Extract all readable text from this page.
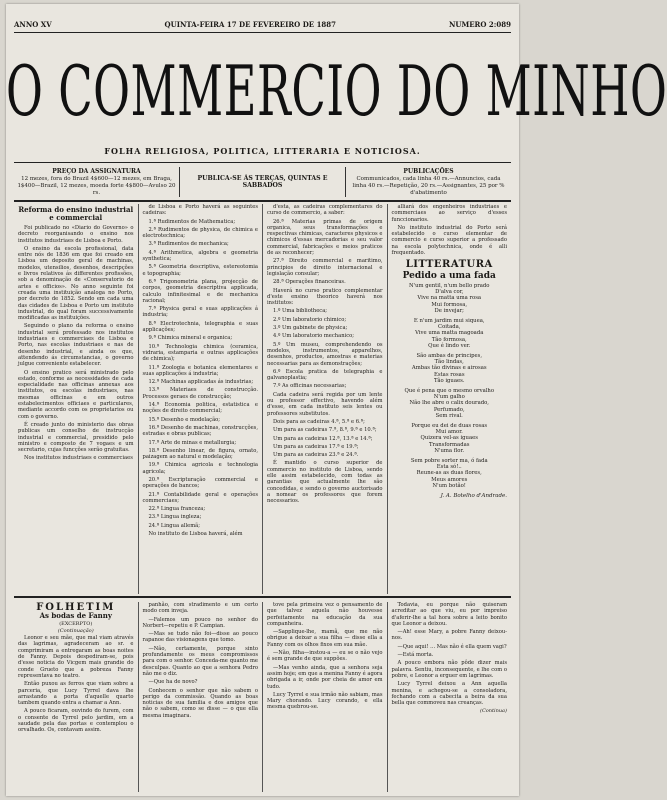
ANNO XV	QUINTA-FEIRA 17 DE FEVEREIRO DE 1887	NUMERO 2:089
O COMMERCIO DO MINHO
FOLHA RELIGIOSA, POLITICA, LITTERARIA E NOTICIOSA.
PREÇO DA ASSIGNATURA
12 mezes, fora do Brazil 4$600—12 mezes, em Braga, 1$400—Brazil, 12 mezes, moeda forte 4$800—Avulso 20 rs.
PUBLICA-SE ÁS TERÇAS, QUINTAS E SABBADOS
PUBLICAÇÕES
Communicados, cada linha 40 rs.—Annuncios, cada linha 40 rs.—Repetição, 20 rs.—Assignantes, 25 por % d'abatimento
Reforma do ensino industrial e commercial

Foi publicado no «Diario do Governo» o decreto reorganisando o ensino nos institutos industriaes de Lisboa e Porto.

O ensino da escola profissional, data entre nós de 1836 em que foi creado em Lisboa um deposito geral de machinas, modelos, utensilios, desenhos, descripções e livros relativos ás differentes profissões, sob a denominação de «Conservatorio de artes e officios». No anno seguinte foi creada uma instituição analoga no Porto, por decreto de 1852. Sendo em cada uma das cidades de Lisboa e Porto um instituto industrial, do qual foram successivamente modificadas as instituições.

Seguindo o plano da reforma o ensino industrial será professado nos institutos industriaes e commerciaes de Lisboa e Porto, nas escolas industriaes e nas de desenho industrial, e ainda os que, attendendo ás circumstancias, o governo julgue conveniente estabelecer.

O ensino pratico será ministrado pelo estado, conforme as necessidades de cada especialidade nas officinas annexas aos institutos, ou escolas industriaes, nas mesmas officinas e em outros estabelecimentos officiaes e particulares, mediante accordo com os proprietarios ou com o governo.

É creado junto do ministerio das obras publicas um conselho de instrucção industrial e commercial, presidido pelo ministro e composto de 7 vogaes e um secretario, cujas funcções serão gratuitas.

Nos institutos industriaes e commerciaes

de Lisboa e Porto haverá as seguintes cadeiras:

1.ª Rudimentos de Mathematica;

2.ª Rudimentos de physica, de chimica e electrotechnica;

3.ª Rudimentos de mechanica;

4.ª Arithmetica, algebra e geometria synthetica;

5.ª Geometria descriptiva, estereotomia e topographia;

6.ª Trigonometria plana, projecção de corpos, geometria descriptiva applicada, calculo infinitesimal e de mechanica racional;

7.ª Physica geral e suas applicações á industria;

8.ª Electrotechnia, telegraphia e suas applicações;

9.ª Chimica mineral e organica;

10.ª Technologia chimica (ceramica, vidraria, estamparia e outras applicações de chimica);

11.ª Zoologia e botanica elementares e suas applicações á industria;

12.ª Machinas applicadas ás industrias;

13.ª Materiaes de construcção. Processos geraes de construcção;

14.ª Economia politica, estatistica e noções de direito commercial;

15.ª Desenho e modelação;

16.ª Desenho de machinas, construcções, estradas e obras publicas;

17.ª Arte de minas e metallurgia;

18.ª Desenho linear, de figura, ornato, paizagem ao natural e modelação;

19.ª Chimica agricola e technologia agricola;

20.ª Escripturação commercial e operações de bancos;

21.ª Contabilidade geral e operações commerciaes;

22.ª Lingua franceza;

23.ª Lingua ingleza;

24.ª Lingua allemã;

No instituto de Lisboa haverá, além

d'esta, as cadeiras complementares do curso de commercio, a saber:

26.ª Materias primas de origem organica, seus transformações e respectivas chimicas, caracteres physicos e chimicos d'essas mercadorias e seu valor commercial, fabricações e meios praticos de as reconhecer;

27.ª Direito commercial e maritimo, principios de direito internacional e legislação consular;

28.ª Operações financeiras.

Haverá no curso pratico complementar d'este ensino theorico haverá nos institutos:

1.º Uma bibliotheca;

2.º Um laboratorio chimico;

3.º Um gabinete de physica;

4.º Um laboratorio mechanico;

5.º Um museu, comprehendendo os modelos, instrumentos, apparelhos, desenhos, productos, amostras e materias necessarias para as demonstrações;

6.º Escola pratica de telegraphia e galvanoplastia;

7.º As officinas necessarias;

Cada cadeira será regida por um lente ou professor effectivo, havendo além d'esse, em cada instituto seis lentes ou professores substitutos.

Dois para as cadeiras 4.ª, 5.ª e 6.ª;

Um para as cadeiras 7.ª, 8.ª, 9.ª e 10.ª;

Um para as cadeiras 12.ª, 13.ª e 14.ª;

Um para as cadeiras 17.ª e 19.ª;

Um para as cadeiras 23.ª e 24.ª.

É mantido o curso superior de commercio no instituto de Lisboa, sendo elle assim estabelecido, com todas as garantias que actualmente lhe são concedidas, e sendo o governo auctorisado a nomear os professores que forem necessarios.

alliará dos engenheiros industriaes e commerciaes ao serviço d'esses funccionarios.

No instituto industrial do Porto será estabelecido o curso elementar de commercio e curso superior a professado na escola polytechnica, onde é alli frequentado.

LITTERATURA
Pedido a uma fada
N'um gentil, n'um bello prado
D'alva cor,
Vive na matta uma rosa
Mui formosa,
De invejar;
E n'um jardim mui siquea,
Coitada,
Vive uma matta magoada
Tão formosa,
Que é lindo ver.
São ambas de principes,
Tão lindas,
Ambas tão divinas e airosas
Estas rosas
Tão iguaes.
Que é pena que o mesmo orvalho
N'um galho
Não lhe abre o calix dourado,
Perfumado,
Sem rival.
Porque eu dei de duas rosas
Mui amor.
Quizera vel-as iguaes
Transformadas
N'uma flor.
Sem pobre sorter ma, ó fada
Esta só!..
Reune-as as duas flores,
Meus amores
N'um botão!
J. A. Botelho d'Andrade.
FOLHETIM
As bodas de Fanny
(EXCERPTO)
(Continuação)

Leonor e seu mãe, que mal viam através das lagrimas, agradeceram ao sr. e comprimiram a entregaram as boas noites de Fanny. Depois despediram-se, pois d'esse noticia do Vicgem mais grandie do conde Grueto que a pobreza Fanny representava no teatro.

Então puxou as ferros que viam sobre a parceria, que Lucy Tyrrel dava lhe arrastando a porta d'aquelle quarto tambem quando entra a chamar a Ann.

A pouco ficaram, ouvindo do furem, com o consente de Tyrrel pelo jardim, em a saudade pela das portas e contemplou o orvalhado. Os, contavam assim.

panhão, com stradimento e um certo modo com inveja.

—Falemos um pouco no senhor do Norbert—repetiu e P. Campian.

—Mas se tudo não foi—disse ao pouco rapanoe das visionagens que tomo.

—Não, certamente, porque sinto profundamente os meus compromissos para com o senhor. Conceda-me quanto me desculpas. Quanto ao que a senhora Pedro não me o diz.

—Que ha de novo?

Conhecem o senhor que não sabem o perigo da commissão. Quando as boas noticias de sua familia e dos amigos que não o sabem, como se disse — o que ella mesma imaginara.

tove pela primeira vez o pensamento de que talvez aquela não houvesse perfeitamente na educação da sua companheira.

—Sapplique-lhe, mamã, que me não obrigue a deixar a sua filha — disse ella a Fanny com os olhos fixos em sua mãe.

—Não, filha—instou-a — eu se o não vejo é sem grande de que suppões.

—Mas venho ainda, que a senhora seja assim hoje; em que a menina Fanny é agora obrigada a ir, onde por cheia de amor em tudo.

Lucy Tyrrel e sua irmão não sabiam, mas Mary chorando. Lucy corando, e ella mesma quebrou-se.

Todavia, eu porque não quiseram acreditar ao que viu, eu por impreiso d'aferir-lhe a tal hora sobre a leito bonito que Leonor a deixou.

—Ah! esse Mary, a pobre Fanny deixou-nos.

—Que aqui! ... Mas não é ella quem vagi?

—Está morta.

A pouco embora não pôde dizer mais palavra. Sentiu, inconsequente, e lhe com o pobre, e Leonor a erguer em lagrimas.

Lucy Tyrrel deixou a Ann aquella menina, e achegou-se a consoladora, fechando com a cabecita a beira da sua bella que commoveu nas creanças.

(Continua)
